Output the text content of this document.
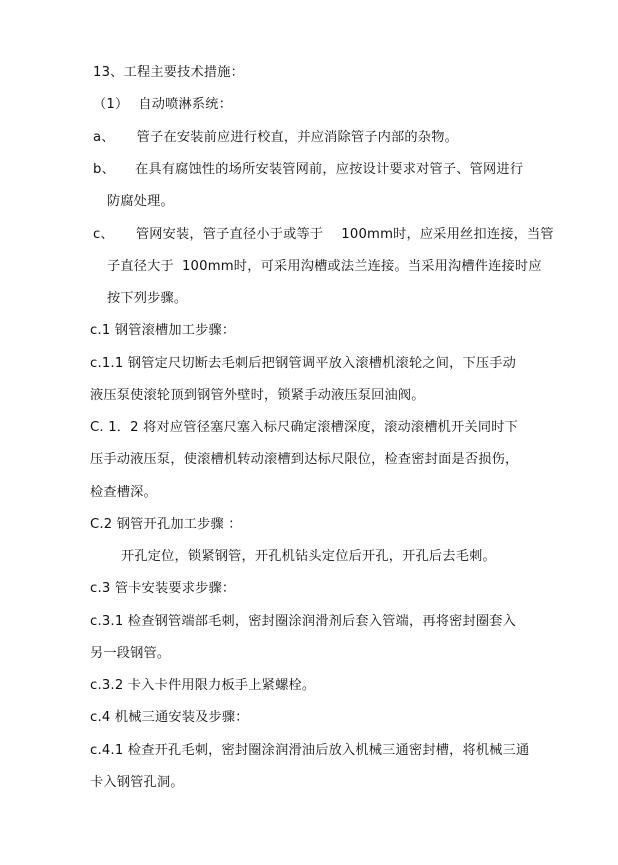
13、工程主要技术措施：
（1） 自动喷淋系统：
a、 管子在安装前应进行校直，并应消除管子内部的杂物。
b、 在具有腐蚀性的场所安装管网前，应按设计要求对管子、管网进行
防腐处理。
c、 管网安装，管子直径小于或等于 100mm时，应采用丝扣连接，当管
子直径大于 100mm时，可采用沟槽或法兰连接。当采用沟槽件连接时应
按下列步骤。
c.1 钢管滚槽加工步骤：
c.1.1 钢管定尺切断去毛刺后把钢管调平放入滚槽机滚轮之间，下压手动
液压泵使滚轮顶到钢管外壁时，锁紧手动液压泵回油阀。
C. 1．2 将对应管径塞尺塞入标尺确定滚槽深度，滚动滚槽机开关同时下
压手动液压泵，使滚槽机转动滚槽到达标尺限位，检查密封面是否损伤，
检查槽深。
C.2 钢管开孔加工步骤 ：
开孔定位，锁紧钢管，开孔机钻头定位后开孔，开孔后去毛刺。
c.3 管卡安装要求步骤：
c.3.1 检查钢管端部毛刺，密封圈涂润滑剂后套入管端，再将密封圈套入
另一段钢管。
c.3.2 卡入卡件用限力板手上紧螺栓。
c.4 机械三通安装及步骤：
c.4.1 检查开孔毛刺，密封圈涂润滑油后放入机械三通密封槽，将机械三通
卡入钢管孔洞。
